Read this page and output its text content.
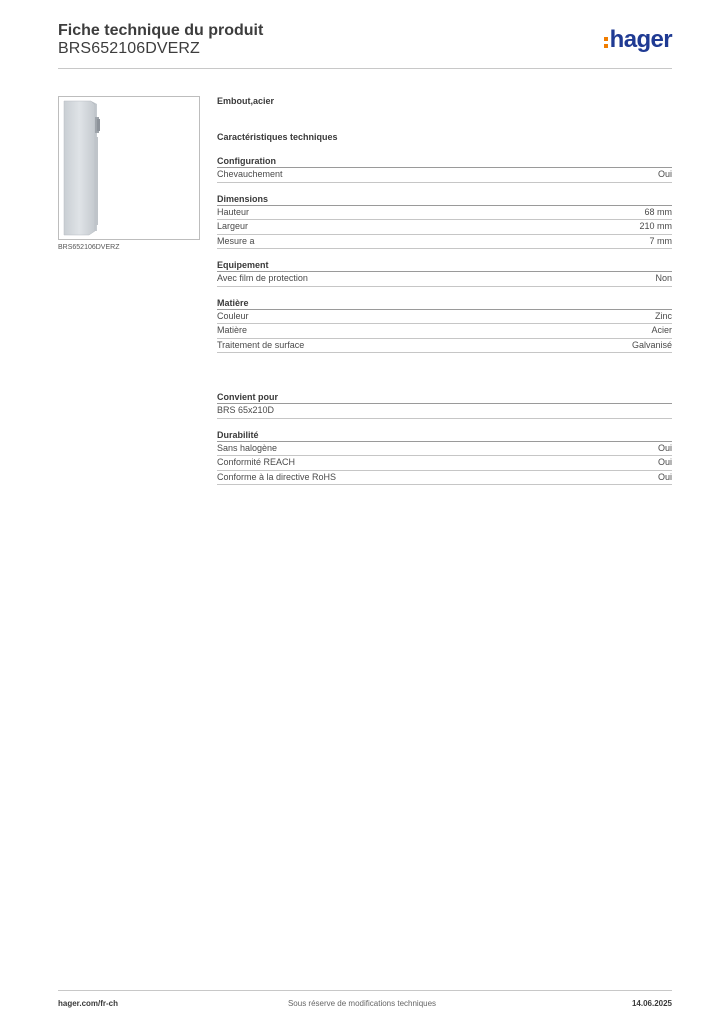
Fiche technique du produit
BRS652106DVERZ	hager
BRS652106DVERZ
Embout,acier
Caractéristiques techniques
Configuration
Chevauchement	Oui
Dimensions
Hauteur	68 mm
Largeur	210 mm
Mesure a	7 mm
Equipement
Avec film de protection	Non
Matière
Couleur	Zinc
Matière	Acier
Traitement de surface	Galvanisé
Convient pour
BRS 65x210D
Durabilité
Sans halogène	Oui
Conformité REACH	Oui
Conforme à la directive RoHS	Oui
Sous réserve de modifications techniques
hager.com/fr-ch	14.06.2025
